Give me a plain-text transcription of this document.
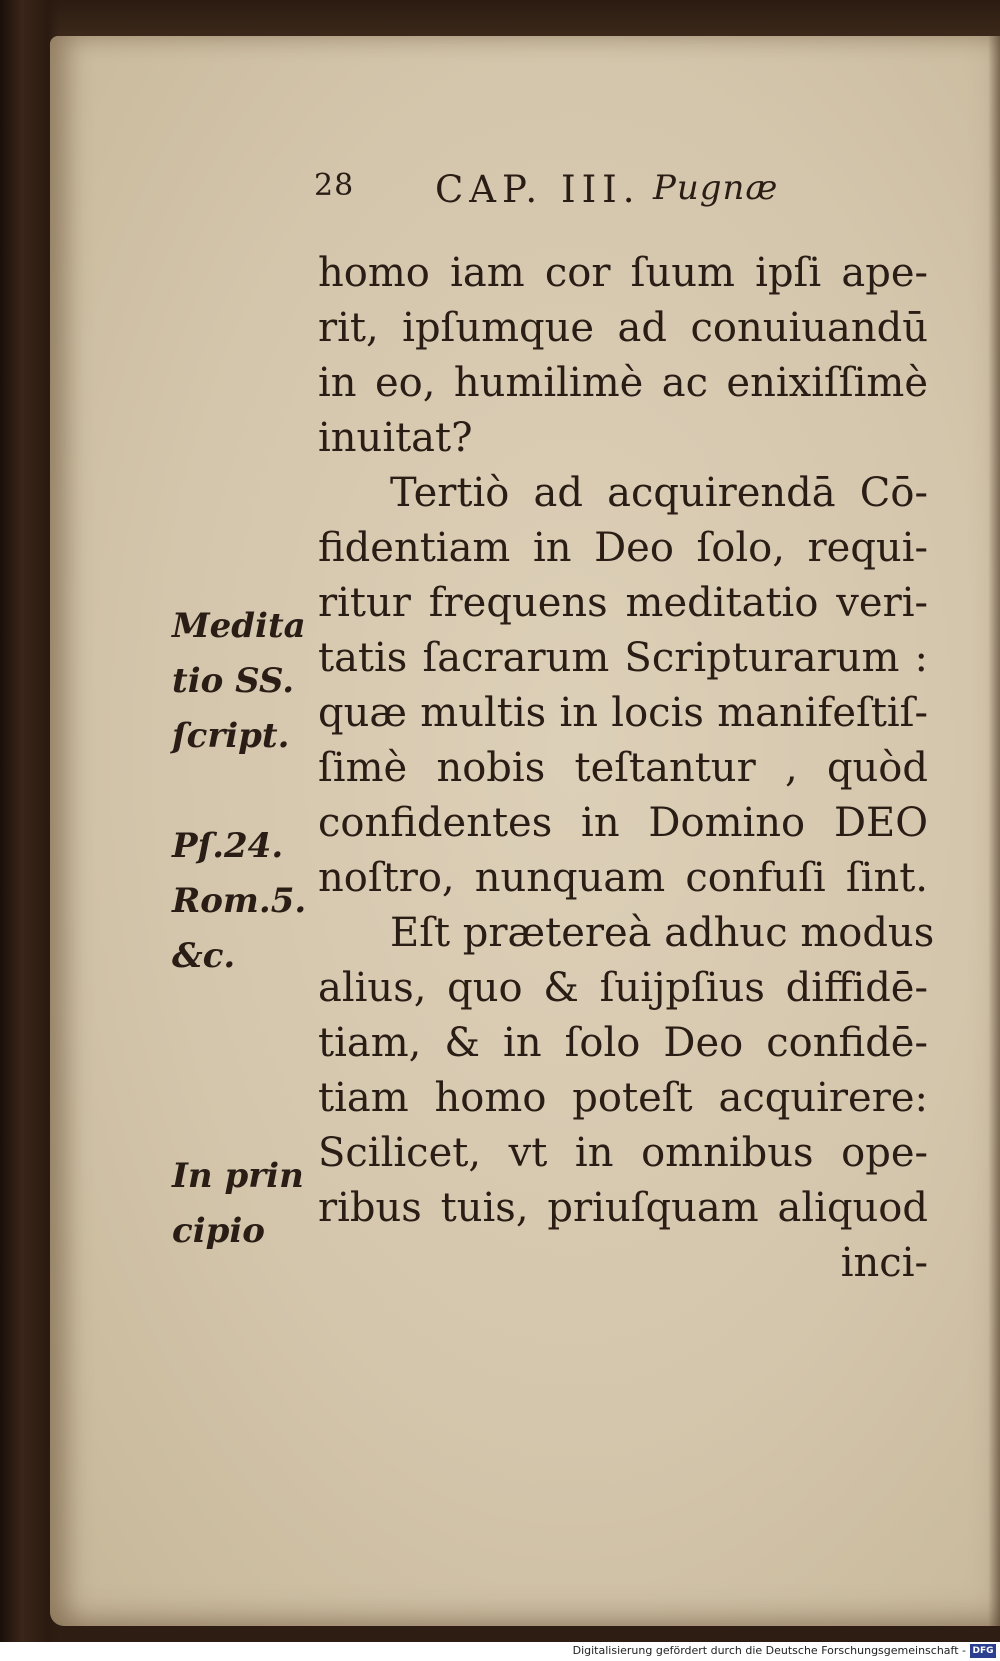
28 CAP. III. Pugnæ
homo iam cor ſuum ipſi ape-
rit, ipſumque ad conuiuandū
in eo, humilimè ac enixiſſimè
inuitat?
Tertiò ad acquirendā Cō-
fidentiam in Deo ſolo, requi-
ritur frequens meditatio veri-
tatis ſacrarum Scripturarum :
quæ multis in locis manifeſtiſ-
ſimè nobis teſtantur , quòd
confidentes in Domino DEO
noſtro, nunquam confuſi ſint.
Eſt prætereà adhuc modus
alius, quo & ſuijpſius diffidē-
tiam, & in ſolo Deo confidē-
tiam homo poteſt acquirere:
Scilicet, vt in omnibus ope-
ribus tuis, priuſquam aliquod
inci-
Medita
tio SS.
ſcript.
Pſ.24.
Rom.5.
&c.
In prin
cipio
Digitalisierung gefördert durch die Deutsche Forschungsgemeinschaft - DFG
